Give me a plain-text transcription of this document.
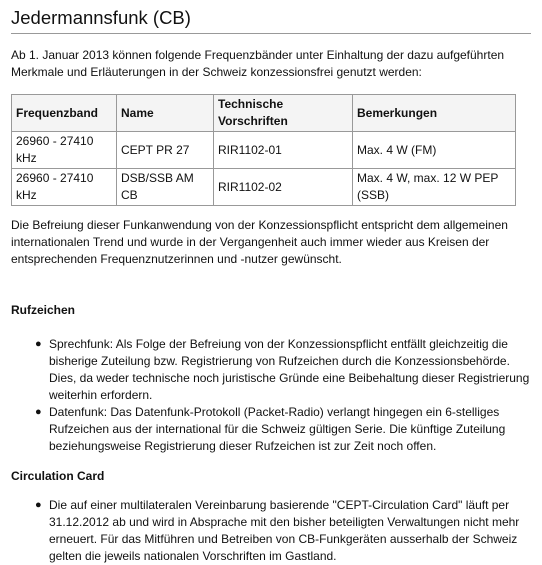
Jedermannsfunk (CB)

Ab 1. Januar 2013 können folgende Frequenzbänder unter Einhaltung der dazu aufgeführten Merkmale und Erläuterungen in der Schweiz konzessionsfrei genutzt werden:

Frequenzband	Name	Technische Vorschriften	Bemerkungen
26960 - 27410 kHz	CEPT PR 27	RIR1102-01	Max. 4 W (FM)
26960 - 27410 kHz	DSB/SSB AM CB	RIR1102-02	Max. 4 W, max. 12 W PEP (SSB)

Die Befreiung dieser Funkanwendung von der Konzessionspflicht entspricht dem allgemeinen internationalen Trend und wurde in der Vergangenheit auch immer wieder aus Kreisen der entsprechenden Frequenznutzerinnen und -nutzer gewünscht.

Rufzeichen
● Sprechfunk: Als Folge der Befreiung von der Konzessionspflicht entfällt gleichzeitig die bisherige Zuteilung bzw. Registrierung von Rufzeichen durch die Konzessionsbehörde. Dies, da weder technische noch juristische Gründe eine Beibehaltung dieser Registrierung weiterhin erfordern.
● Datenfunk: Das Datenfunk-Protokoll (Packet-Radio) verlangt hingegen ein 6-stelliges Rufzeichen aus der international für die Schweiz gültigen Serie. Die künftige Zuteilung beziehungsweise Registrierung dieser Rufzeichen ist zur Zeit noch offen.
Circulation Card
● Die auf einer multilateralen Vereinbarung basierende "CEPT-Circulation Card" läuft per 31.12.2012 ab und wird in Absprache mit den bisher beteiligten Verwaltungen nicht mehr erneuert. Für das Mitführen und Betreiben von CB-Funkgeräten ausserhalb der Schweiz gelten die jeweils nationalen Vorschriften im Gastland.
